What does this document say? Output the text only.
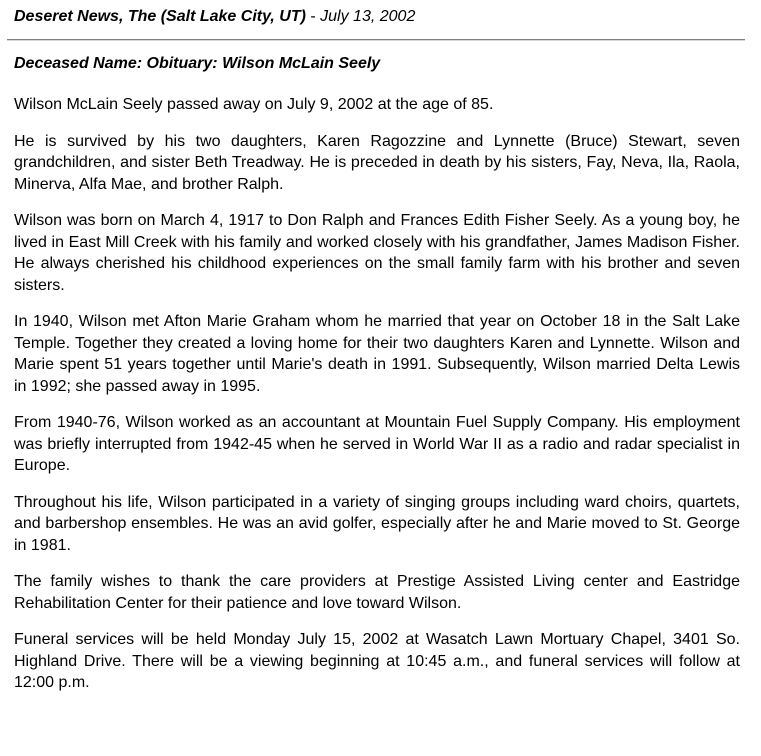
Deseret News, The (Salt Lake City, UT) - July 13, 2002
Deceased Name: Obituary: Wilson McLain Seely

Wilson McLain Seely passed away on July 9, 2002 at the age of 85.

He is survived by his two daughters, Karen Ragozzine and Lynnette (Bruce) Stewart, seven grandchildren, and sister Beth Treadway. He is preceded in death by his sisters, Fay, Neva, Ila, Raola, Minerva, Alfa Mae, and brother Ralph.

Wilson was born on March 4, 1917 to Don Ralph and Frances Edith Fisher Seely. As a young boy, he lived in East Mill Creek with his family and worked closely with his grandfather, James Madison Fisher. He always cherished his childhood experiences on the small family farm with his brother and seven sisters.

In 1940, Wilson met Afton Marie Graham whom he married that year on October 18 in the Salt Lake Temple. Together they created a loving home for their two daughters Karen and Lynnette. Wilson and Marie spent 51 years together until Marie's death in 1991. Subsequently, Wilson married Delta Lewis in 1992; she passed away in 1995.

From 1940-76, Wilson worked as an accountant at Mountain Fuel Supply Company. His employment was briefly interrupted from 1942-45 when he served in World War II as a radio and radar specialist in Europe.

Throughout his life, Wilson participated in a variety of singing groups including ward choirs, quartets, and barbershop ensembles. He was an avid golfer, especially after he and Marie moved to St. George in 1981.

The family wishes to thank the care providers at Prestige Assisted Living center and Eastridge Rehabilitation Center for their patience and love toward Wilson.

Funeral services will be held Monday July 15, 2002 at Wasatch Lawn Mortuary Chapel, 3401 So. Highland Drive. There will be a viewing beginning at 10:45 a.m., and funeral services will follow at 12:00 p.m.
